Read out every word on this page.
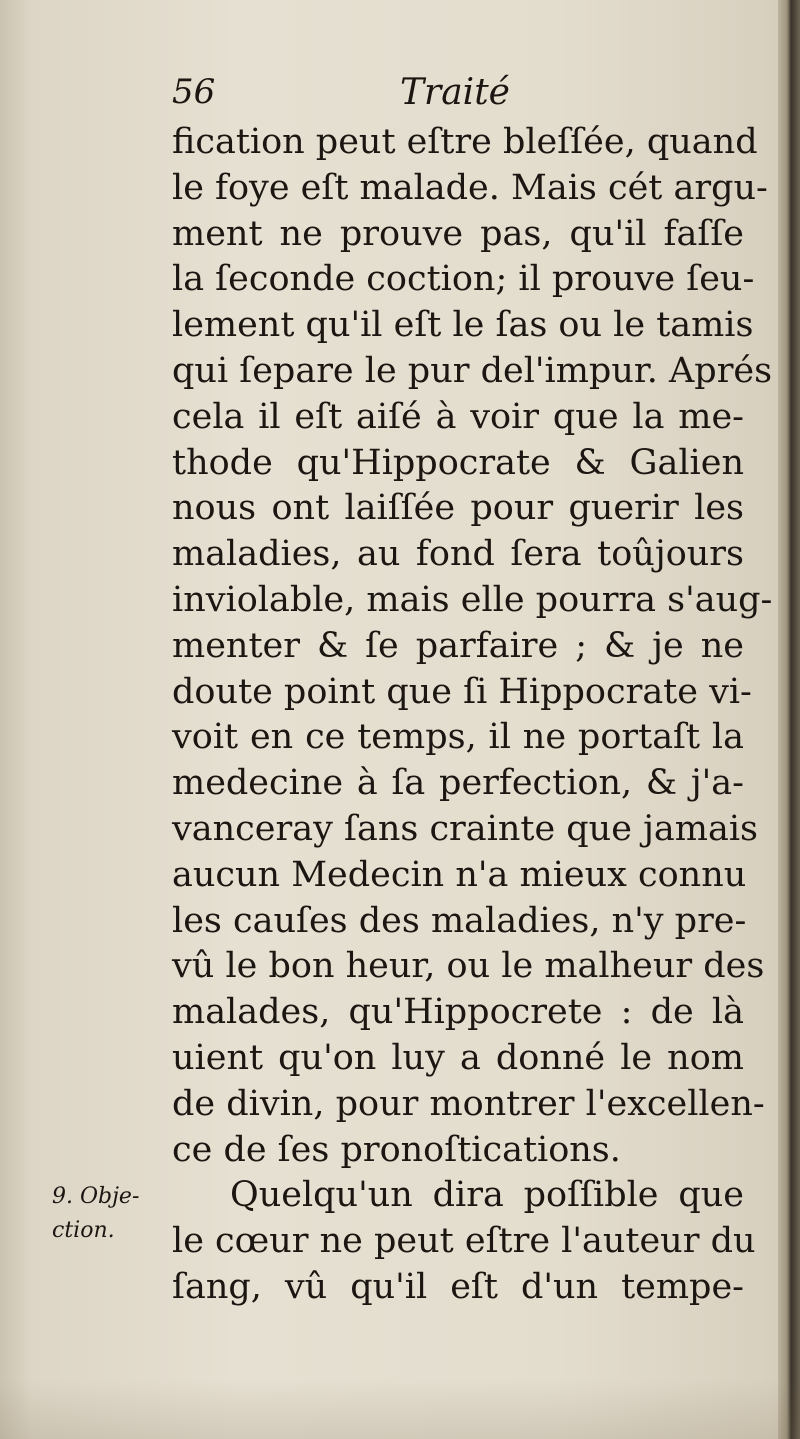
56	Traité
fication peut eſtre bleſſée, quand
le foye eſt malade. Mais cét argu-
ment ne prouve pas, qu'il faſſe
la ſeconde coction; il prouve ſeu-
lement qu'il eſt le ſas ou le tamis
qui ſepare le pur del'impur. Aprés
cela il eſt aiſé à voir que la me-
thode qu'Hippocrate & Galien
nous ont laiſſée pour guerir les
maladies, au fond ſera toûjours
inviolable, mais elle pourra s'aug-
menter & ſe parfaire ; & je ne
doute point que ſi Hippocrate vi-
voit en ce temps, il ne portaſt la
medecine à ſa perfection, & j'a-
vanceray ſans crainte que jamais
aucun Medecin n'a mieux connu
les cauſes des maladies, n'y pre-
vû le bon heur, ou le malheur des
malades, qu'Hippocrete : de là
uient qu'on luy a donné le nom
de divin, pour montrer l'excellen-
ce de ſes pronoſtications.
Quelqu'un dira poſſible que
le cœur ne peut eſtre l'auteur du
ſang, vû qu'il eſt d'un tempe-
9. Obje-
ction.
